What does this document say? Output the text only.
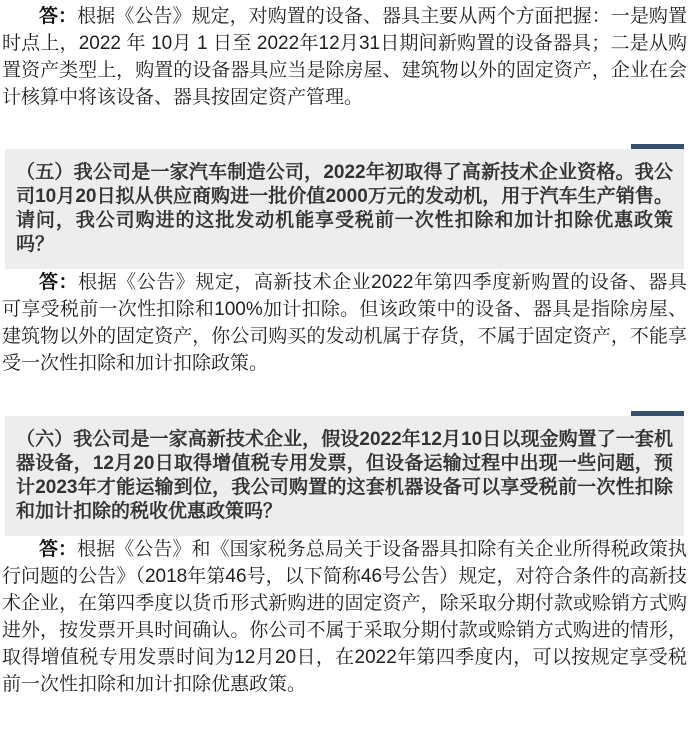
答：根据《公告》规定，对购置的设备、器具主要从两个方面把握：一是购置时点上，2022 年 10月 1 日至 2022年12月31日期间新购置的设备器具；二是从购置资产类型上，购置的设备器具应当是除房屋、建筑物以外的固定资产，企业在会计核算中将该设备、器具按固定资产管理。

（五）我公司是一家汽车制造公司，2022年初取得了高新技术企业资格。我公司10月20日拟从供应商购进一批价值2000万元的发动机，用于汽车生产销售。请问，我公司购进的这批发动机能享受税前一次性扣除和加计扣除优惠政策吗？

答：根据《公告》规定，高新技术企业2022年第四季度新购置的设备、器具可享受税前一次性扣除和100%加计扣除。但该政策中的设备、器具是指除房屋、建筑物以外的固定资产，你公司购买的发动机属于存货，不属于固定资产，不能享受一次性扣除和加计扣除政策。

（六）我公司是一家高新技术企业，假设2022年12月10日以现金购置了一套机器设备，12月20日取得增值税专用发票，但设备运输过程中出现一些问题，预计2023年才能运输到位，我公司购置的这套机器设备可以享受税前一次性扣除和加计扣除的税收优惠政策吗？

答：根据《公告》和《国家税务总局关于设备器具扣除有关企业所得税政策执行问题的公告》（2018年第46号，以下简称46号公告）规定，对符合条件的高新技术企业，在第四季度以货币形式新购进的固定资产，除采取分期付款或赊销方式购进外，按发票开具时间确认。你公司不属于采取分期付款或赊销方式购进的情形，取得增值税专用发票时间为12月20日，在2022年第四季度内，可以按规定享受税前一次性扣除和加计扣除优惠政策。
